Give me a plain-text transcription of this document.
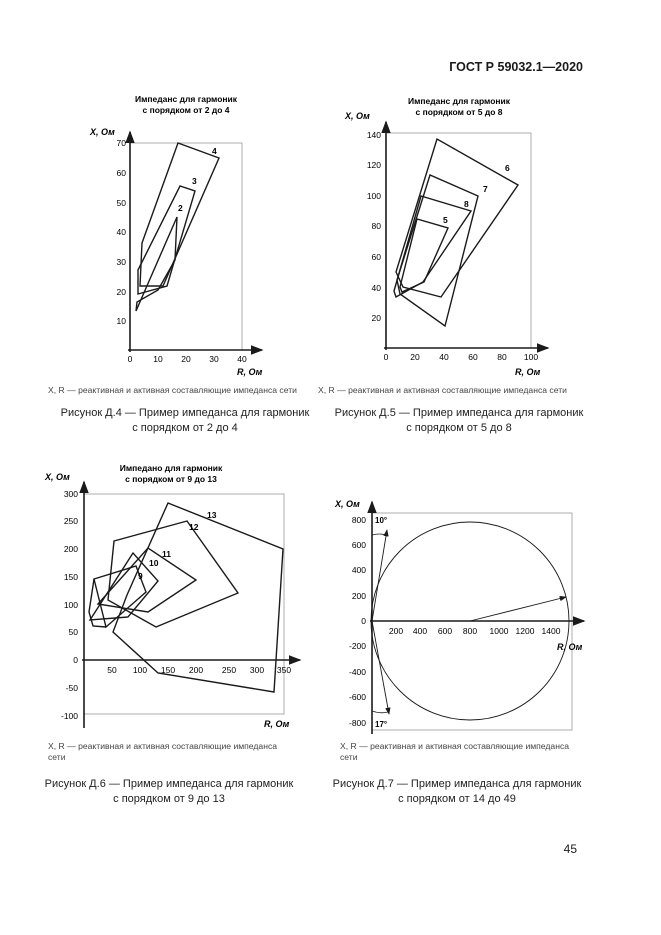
ГОСТ Р 59032.1—2020
Импеданс для гармоник
с порядком от 2 до 4
X, Ом
10
20
30
40
50
60
70
0 10 20 30 40
R, Ом
4
3
2
Импеданс для гармоник
с порядком от 5 до 8
X, Ом
20
40
60
80
100
120
140
0	20 40 60 80 100
R, Ом
6
7
8
5
Импедано для гармоник
с порядком от 9 до 13
X, Ом
300
250
200
150
100
50
0
-50
-100
50 100 150 200 250 300 350
R, Ом
13
12
11
10
9
X, Ом
10°
17°
800
600
400
200
0
-200
-400
-600
-800
200 400 600 800 1000 1200 1400
R, Ом
X, R — реактивная и активная составляющие импеданса сети X, R — реактивная и активная составляющие импеданса сети
X, R — реактивная и активная составляющие импеданса
сети
X, R — реактивная и активная составляющие импеданса
сети
Рисунок Д.4 — Пример импеданса для гармоник
с порядком от 2 до 4
Рисунок Д.5 — Пример импеданса для гармоник
с порядком от 5 до 8
Рисунок Д.6 — Пример импеданса для гармоник
с порядком от 9 до 13
Рисунок Д.7 — Пример импеданса для гармоник
с порядком от 14 до 49
45
